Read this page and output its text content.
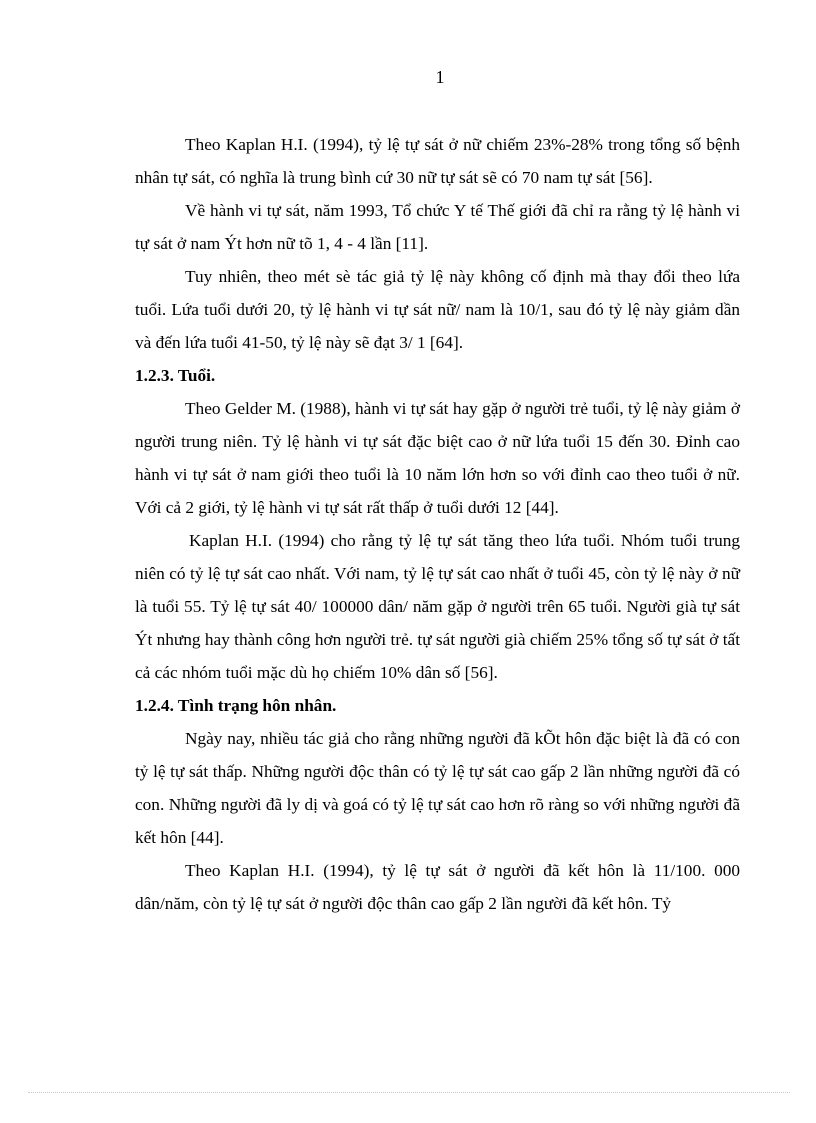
1

Theo Kaplan H.I. (1994), tỷ lệ tự sát ở nữ chiếm 23%-28% trong tổng số bệnh nhân tự sát, có nghĩa là trung bình cứ 30 nữ tự sát sẽ có 70 nam tự sát [56].

Về hành vi tự sát, năm 1993, Tổ chức Y tế Thế giới đã chỉ ra rằng tỷ lệ hành vi tự sát ở nam Ýt hơn nữ tõ 1, 4 - 4 lần [11].

Tuy nhiên, theo mét sè tác giả tỷ lệ này không cố định mà thay đổi theo lứa tuổi. Lứa tuổi dưới 20, tỷ lệ hành vi tự sát nữ/ nam là 10/1, sau đó tỷ lệ này giảm dần và đến lứa tuổi 41-50, tỷ lệ này sẽ đạt 3/ 1 [64].

1.2.3. Tuổi.

Theo Gelder M. (1988), hành vi tự sát hay gặp ở người trẻ tuổi, tỷ lệ này giảm ở người trung niên. Tỷ lệ hành vi tự sát đặc biệt cao ở nữ lứa tuổi 15 đến 30. Đỉnh cao hành vi tự sát ở nam giới theo tuổi là 10 năm lớn hơn so với đỉnh cao theo tuổi ở nữ. Với cả 2 giới, tỷ lệ hành vi tự sát rất thấp ở tuổi dưới 12 [44].

Kaplan H.I. (1994) cho rằng tỷ lệ tự sát tăng theo lứa tuổi. Nhóm tuổi trung niên có tỷ lệ tự sát cao nhất. Với nam, tỷ lệ tự sát cao nhất ở tuổi 45, còn tỷ lệ này ở nữ là tuổi 55. Tỷ lệ tự sát 40/ 100000 dân/ năm gặp ở người trên 65 tuổi. Người già tự sát Ýt nhưng hay thành công hơn người trẻ. tự sát người già chiếm 25% tổng số tự sát ở tất cả các nhóm tuổi mặc dù họ chiếm 10% dân số [56].

1.2.4. Tình trạng hôn nhân.

Ngày nay, nhiều tác giả cho rằng những người đã kÕt hôn đặc biệt là đã có con tỷ lệ tự sát thấp. Những người độc thân có tỷ lệ tự sát cao gấp 2 lần những người đã có con. Những người đã ly dị và goá có tỷ lệ tự sát cao hơn rõ ràng so với những người đã kết hôn [44].

Theo Kaplan H.I. (1994), tỷ lệ tự sát ở người đã kết hôn là 11/100. 000 dân/năm, còn tỷ lệ tự sát ở người độc thân cao gấp 2 lần người đã kết hôn. Tỷ
